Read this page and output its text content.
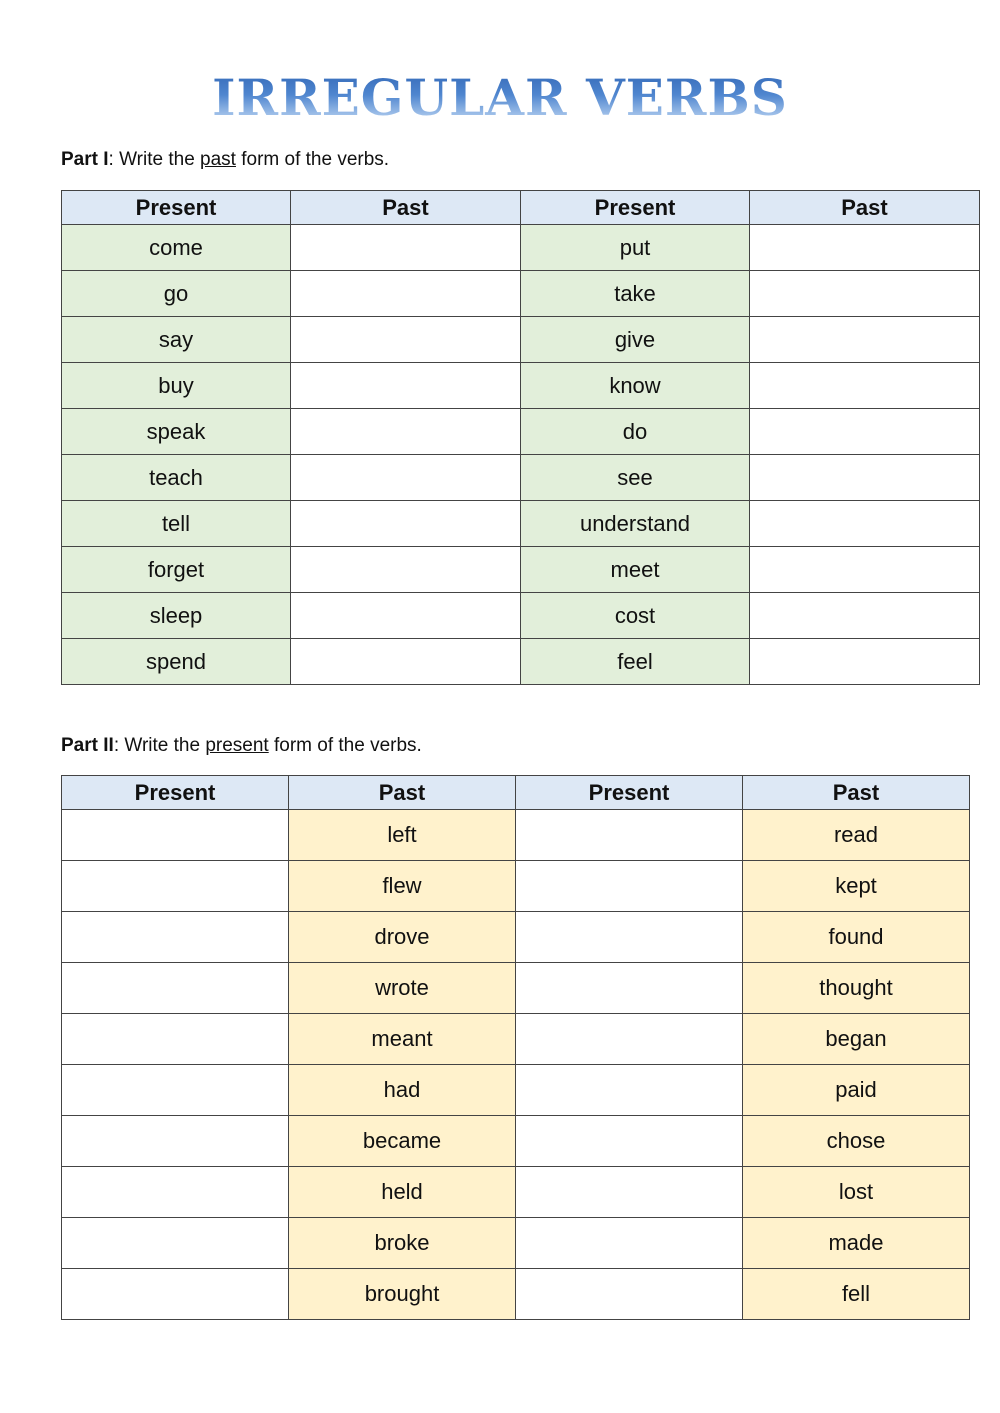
IRREGULAR VERBS
Part I: Write the past form of the verbs.
Present	Past	Present	Past
come		put	
go		take	
say		give	
buy		know	
speak		do	
teach		see	
tell		understand	
forget		meet	
sleep		cost	
spend		feel	
Part II: Write the present form of the verbs.
Present	Past	Present	Past
	left		read
	flew		kept
	drove		found
	wrote		thought
	meant		began
	had		paid
	became		chose
	held		lost
	broke		made
	brought		fell
